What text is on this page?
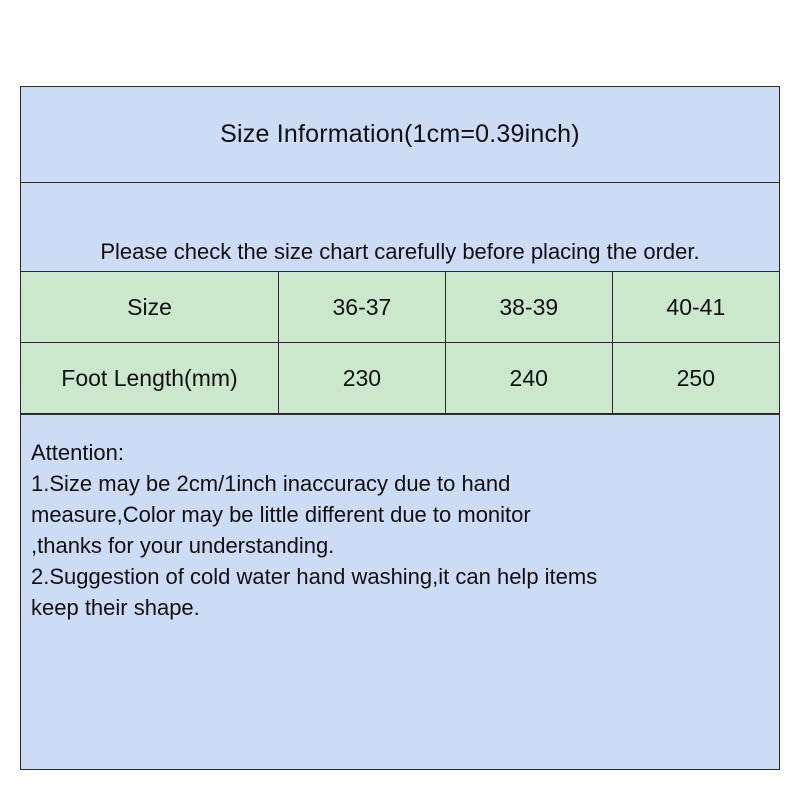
Size Information(1cm=0.39inch)
Please check the size chart carefully before placing the order.
Size	36-37	38-39	40-41
Foot Length(mm)	230	240	250
Attention:
1.Size may be 2cm/1inch inaccuracy due to hand
measure,Color may be little different due to monitor
,thanks for your understanding.
2.Suggestion of cold water hand washing,it can help items
keep their shape.
